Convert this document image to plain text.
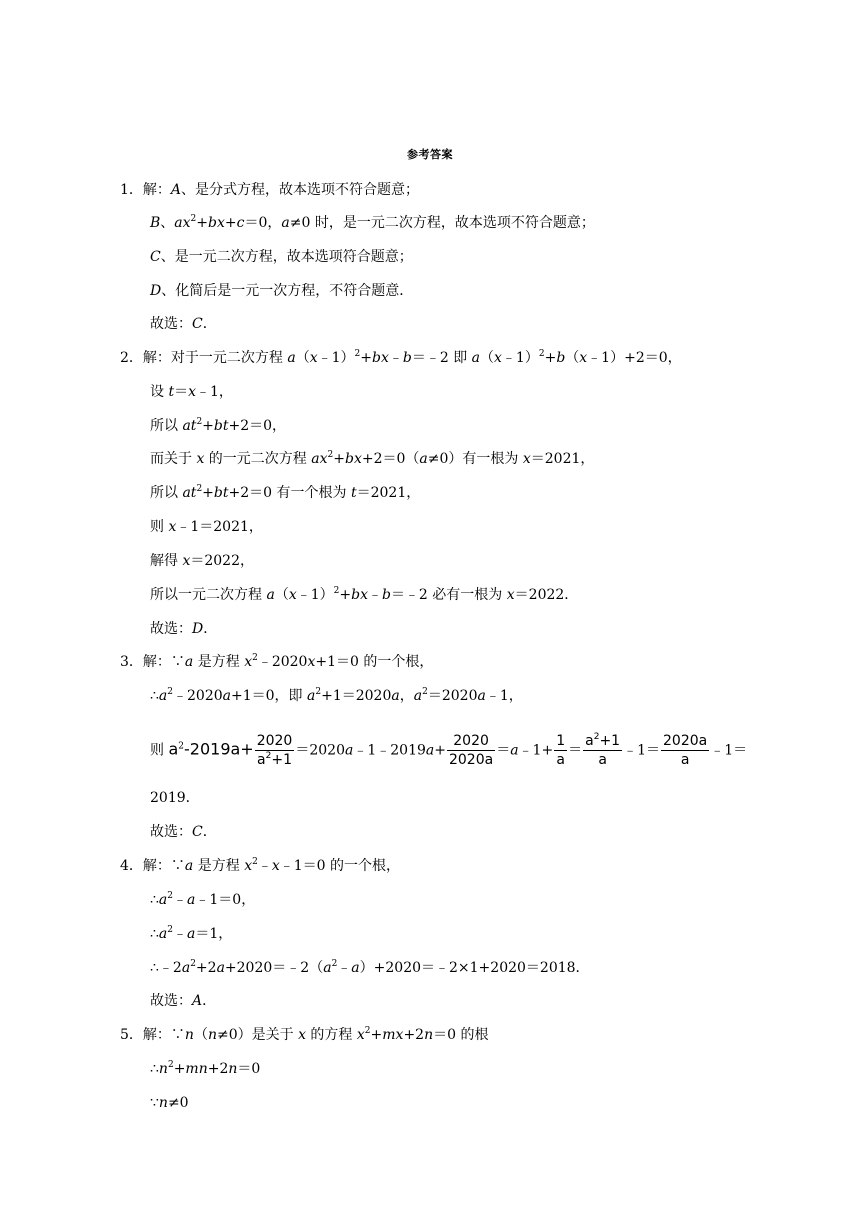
参考答案
1．解：A、是分式方程，故本选项不符合题意；
B、$ax^2+bx+c=0$，a≠0 时，是一元二次方程，故本选项不符合题意；
C、是一元二次方程，故本选项符合题意；
D、化简后是一元一次方程，不符合题意．
故选：C．
2．解：对于一元二次方程 a（x﹣1）$^2$+bx﹣b＝﹣2 即 a（x﹣1）$^2$+b（x﹣1）+2＝0，
设 t＝x﹣1，
所以 $at^2+bt+2=0$，
而关于 x 的一元二次方程 $ax^2+bx+2=0(a\ne 0)$有一根为 x＝2021，
所以 $at^2+bt+2=0$ 有一个根为 t＝2021，
则 x﹣1＝2021，
解得 x＝2022，
所以一元二次方程 a（x﹣1）$^2$+bx﹣b＝﹣2 必有一根为 x＝2022．
故选：D．
3．解：∵a 是方程 $x^2﹣2020x+1=0$ 的一个根，
$\therefore a^2﹣2020a+1=0$，即 $a^2+1=2020a$，$a^2=2020a﹣1$，
则 $a^2-2019a+ \frac{2020}{a^2+1}$ ＝2020a﹣1﹣2019a+ $\frac{2020}{2020a}$ ＝a﹣1+ $\frac{1}{a} = \frac{a^2+1}{a}$ ﹣1＝ $\frac{2020a}{a}$ ﹣1＝
2019．
故选：C．
4．解：∵a 是方程 $x^2﹣x﹣1=0$ 的一个根，
$\therefore a^2﹣a﹣1=0$，
$\therefore a^2﹣a=1$，
$\therefore﹣2a^2+2a+2020=﹣2(a^2﹣a)+2020=﹣2\times 1+2020=2018$．
故选：A．
5．解：∵n（n≠0）是关于 x 的方程 $x^2+mx+2n=0$ 的根
$\therefore n^2+mn+2n=0$
∵n≠0
